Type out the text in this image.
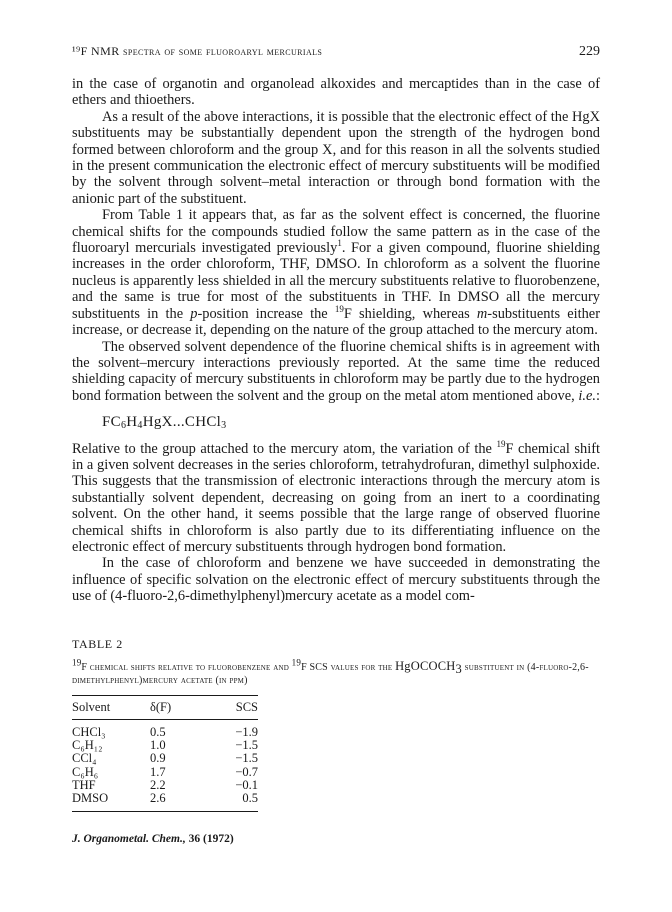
¹⁹F NMR spectra of some fluoroaryl mercurials	229

in the case of organotin and organolead alkoxides and mercaptides than in the case of ethers and thioethers.

As a result of the above interactions, it is possible that the electronic effect of the HgX substituents may be substantially dependent upon the strength of the hydrogen bond formed between chloroform and the group X, and for this reason in all the solvents studied in the present communication the electronic effect of mercury substituents will be modified by the solvent through solvent–metal interaction or through bond formation with the anionic part of the substituent.

From Table 1 it appears that, as far as the solvent effect is concerned, the fluorine chemical shifts for the compounds studied follow the same pattern as in the case of the fluoroaryl mercurials investigated previously$^1$. For a given compound, fluorine shielding increases in the order chloroform, THF, DMSO. In chloroform as a solvent the fluorine nucleus is apparently less shielded in all the mercury substituents relative to fluorobenzene, and the same is true for most of the substituents in THF. In DMSO all the mercury substituents in the p-position increase the $^{19}$F shielding, whereas m-substituents either increase, or decrease it, depending on the nature of the group attached to the mercury atom.

The observed solvent dependence of the fluorine chemical shifts is in agreement with the solvent–mercury interactions previously reported. At the same time the reduced shielding capacity of mercury substituents in chloroform may be partly due to the hydrogen bond formation between the solvent and the group on the metal atom mentioned above, i.e.:

$FC_6H_4HgX...CHCl_3$

Relative to the group attached to the mercury atom, the variation of the $^{19}$F chemical shift in a given solvent decreases in the series chloroform, tetrahydrofuran, dimethyl sulphoxide. This suggests that the transmission of electronic interactions through the mercury atom is substantially solvent dependent, decreasing on going from an inert to a coordinating solvent. On the other hand, it seems possible that the large range of observed fluorine chemical shifts in chloroform is also partly due to its differentiating influence on the electronic effect of mercury substituents through hydrogen bond formation.

In the case of chloroform and benzene we have succeeded in demonstrating the influence of specific solvation on the electronic effect of mercury substituents through the use of (4-fluoro-2,6-dimethylphenyl)mercury acetate as a model com-

TABLE 2
$^{19}$F chemical shifts relative to fluorobenzene and $^{19}$F SCS values for the HgOCOCH$_3$ substituent in (4-fluoro-2,6-dimethylphenyl)mercury acetate (in ppm)
Solvent	δ(F)	SCS
CHCl₃	0.5	−1.9
C₆H₁₂	1.0	−1.5
CCl₄	0.9	−1.5
C₆H₆	1.7	−0.7
THF	2.2	−0.1
DMSO	2.6	0.5
J. Organometal. Chem., 36 (1972)
